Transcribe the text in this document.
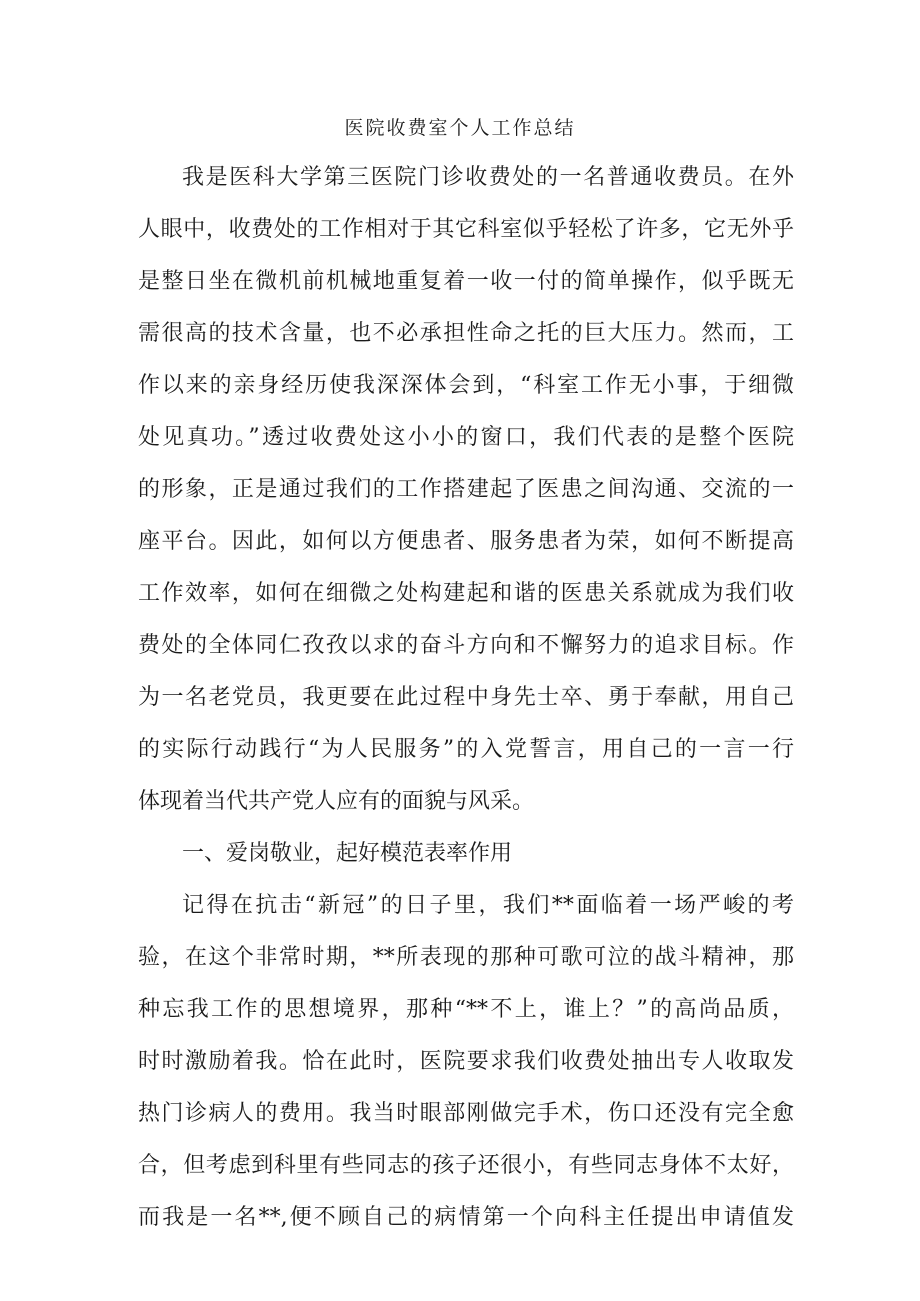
医院收费室个人工作总结
我是医科大学第三医院门诊收费处的一名普通收费员。在外
人眼中，收费处的工作相对于其它科室似乎轻松了许多，它无外乎
是整日坐在微机前机械地重复着一收一付的简单操作，似乎既无
需很高的技术含量，也不必承担性命之托的巨大压力。然而，工
作以来的亲身经历使我深深体会到，“科室工作无小事，于细微
处见真功。”透过收费处这小小的窗口，我们代表的是整个医院
的形象，正是通过我们的工作搭建起了医患之间沟通、交流的一
座平台。因此，如何以方便患者、服务患者为荣，如何不断提高
工作效率，如何在细微之处构建起和谐的医患关系就成为我们收
费处的全体同仁孜孜以求的奋斗方向和不懈努力的追求目标。作
为一名老党员，我更要在此过程中身先士卒、勇于奉献，用自己
的实际行动践行“为人民服务”的入党誓言，用自己的一言一行
体现着当代共产党人应有的面貌与风采。
一、爱岗敬业，起好模范表率作用
记得在抗击“新冠”的日子里，我们**面临着一场严峻的考
验，在这个非常时期，**所表现的那种可歌可泣的战斗精神，那
种忘我工作的思想境界，那种“**不上，谁上？”的高尚品质，
时时激励着我。恰在此时，医院要求我们收费处抽出专人收取发
热门诊病人的费用。我当时眼部刚做完手术，伤口还没有完全愈
合，但考虑到科里有些同志的孩子还很小，有些同志身体不太好，
而我是一名**,便不顾自己的病情第一个向科主任提出申请值发
